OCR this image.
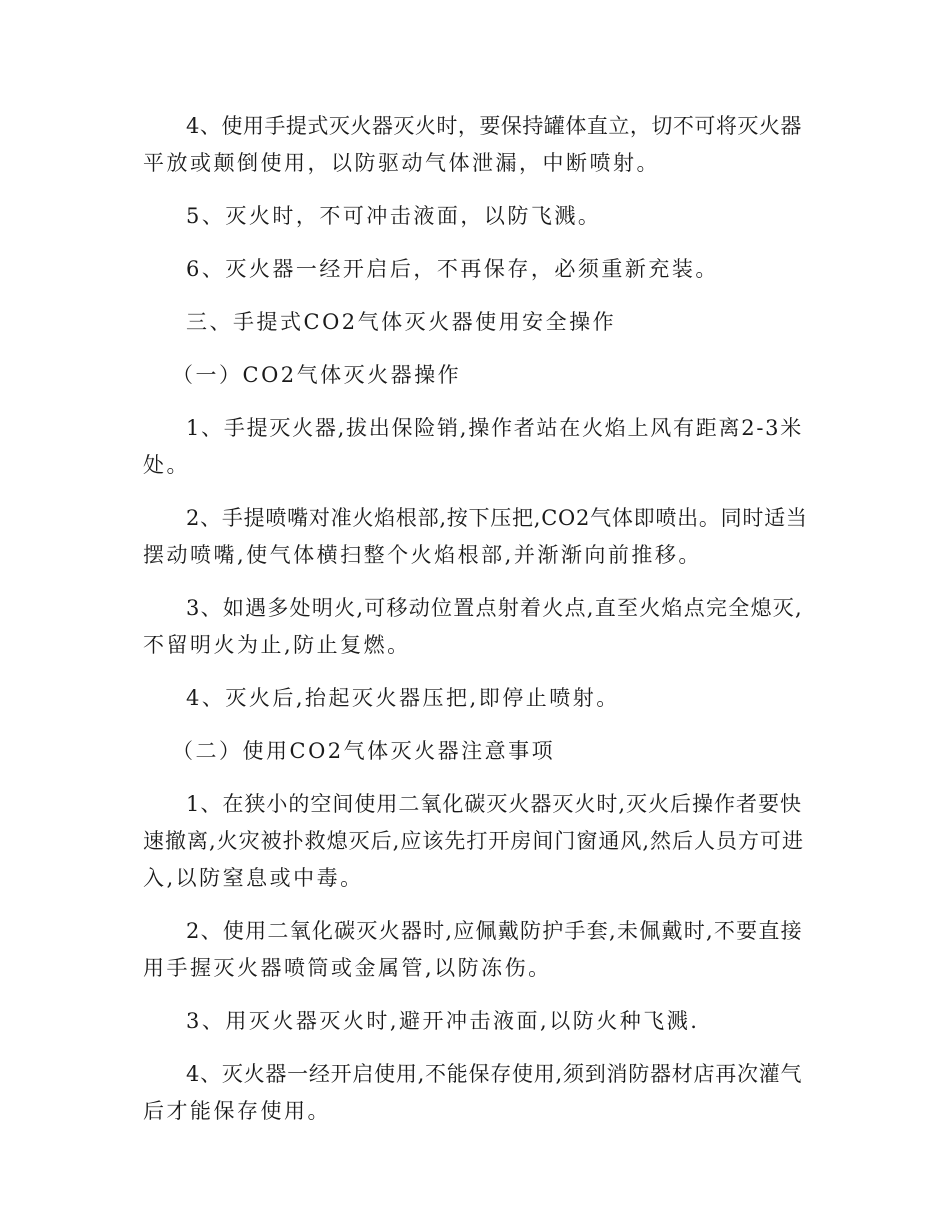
4、使用手提式灭火器灭火时，要保持罐体直立，切不可将灭火器
平放或颠倒使用，以防驱动气体泄漏，中断喷射。
5、灭火时，不可冲击液面，以防飞溅。
6、灭火器一经开启后，不再保存，必须重新充装。
三、手提式CO2气体灭火器使用安全操作
（一）CO2气体灭火器操作
1、手提灭火器,拔出保险销,操作者站在火焰上风有距离2-3米
处。
2、手提喷嘴对准火焰根部,按下压把,CO2气体即喷出。同时适当
摆动喷嘴,使气体横扫整个火焰根部,并渐渐向前推移。
3、如遇多处明火,可移动位置点射着火点,直至火焰点完全熄灭,
不留明火为止,防止复燃。
4、灭火后,抬起灭火器压把,即停止喷射。
（二）使用CO2气体灭火器注意事项
1、在狭小的空间使用二氧化碳灭火器灭火时,灭火后操作者要快
速撤离,火灾被扑救熄灭后,应该先打开房间门窗通风,然后人员方可进
入,以防窒息或中毒。
2、使用二氧化碳灭火器时,应佩戴防护手套,未佩戴时,不要直接
用手握灭火器喷筒或金属管,以防冻伤。
3、用灭火器灭火时,避开冲击液面,以防火种飞溅.
4、灭火器一经开启使用,不能保存使用,须到消防器材店再次灌气
后才能保存使用。
